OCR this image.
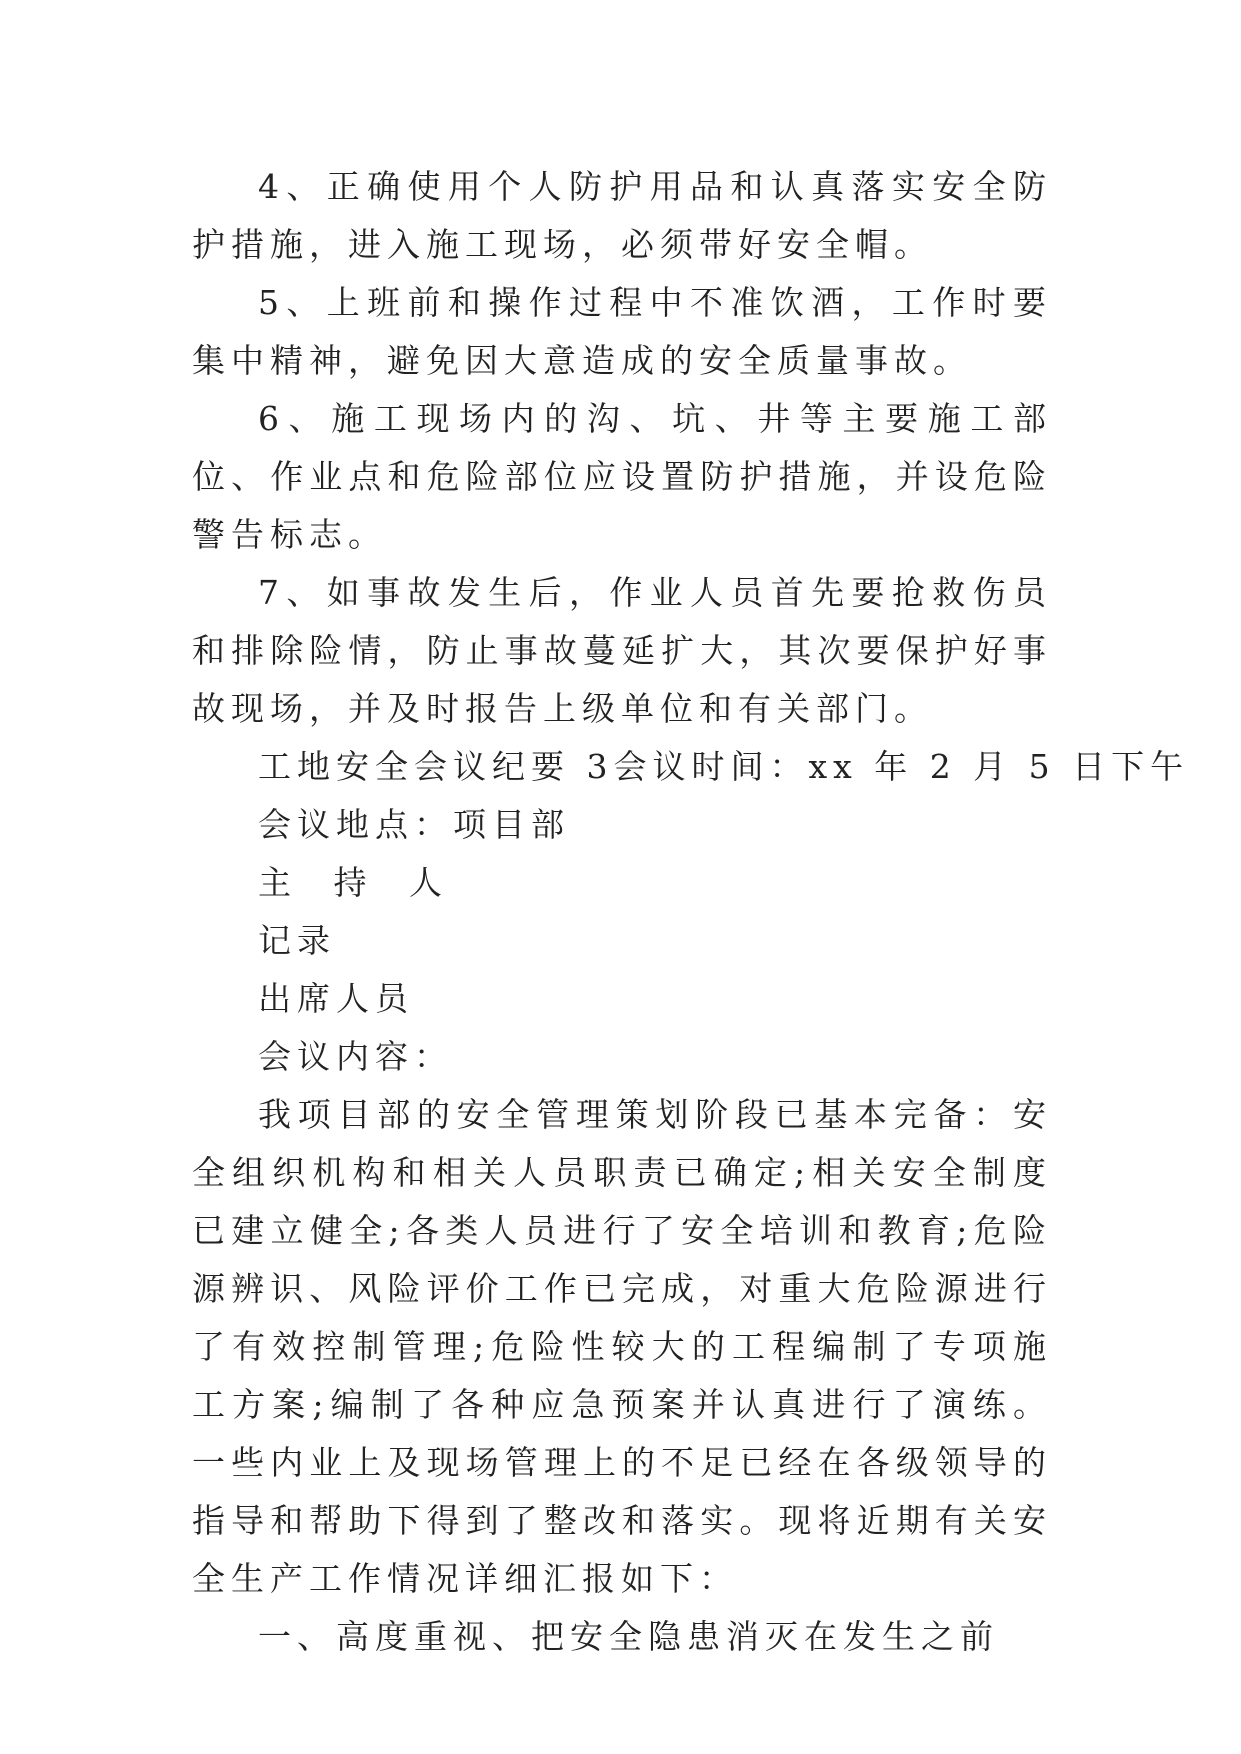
4、正确使用个人防护用品和认真落实安全防护措施，进入施工现场，必须带好安全帽。

5、上班前和操作过程中不准饮酒，工作时要集中精神，避免因大意造成的安全质量事故。

6、施工现场内的沟、坑、井等主要施工部位、作业点和危险部位应设置防护措施，并设危险警告标志。

7、如事故发生后，作业人员首先要抢救伤员和排除险情，防止事故蔓延扩大，其次要保护好事故现场，并及时报告上级单位和有关部门。

工地安全会议纪要 3 会议时间：xx 年 2 月 5 日下午

会议地点：项目部

主 持 人

记录

出席人员

会议内容：

我项目部的安全管理策划阶段已基本完备：安全组织机构和相关人员职责已确定;相关安全制度已建立健全;各类人员进行了安全培训和教育;危险源辨识、风险评价工作已完成，对重大危险源进行了有效控制管理;危险性较大的工程编制了专项施工方案;编制了各种应急预案并认真进行了演练。一些内业上及现场管理上的不足已经在各级领导的指导和帮助下得到了整改和落实。现将近期有关安全生产工作情况详细汇报如下：

一、高度重视、把安全隐患消灭在发生之前
